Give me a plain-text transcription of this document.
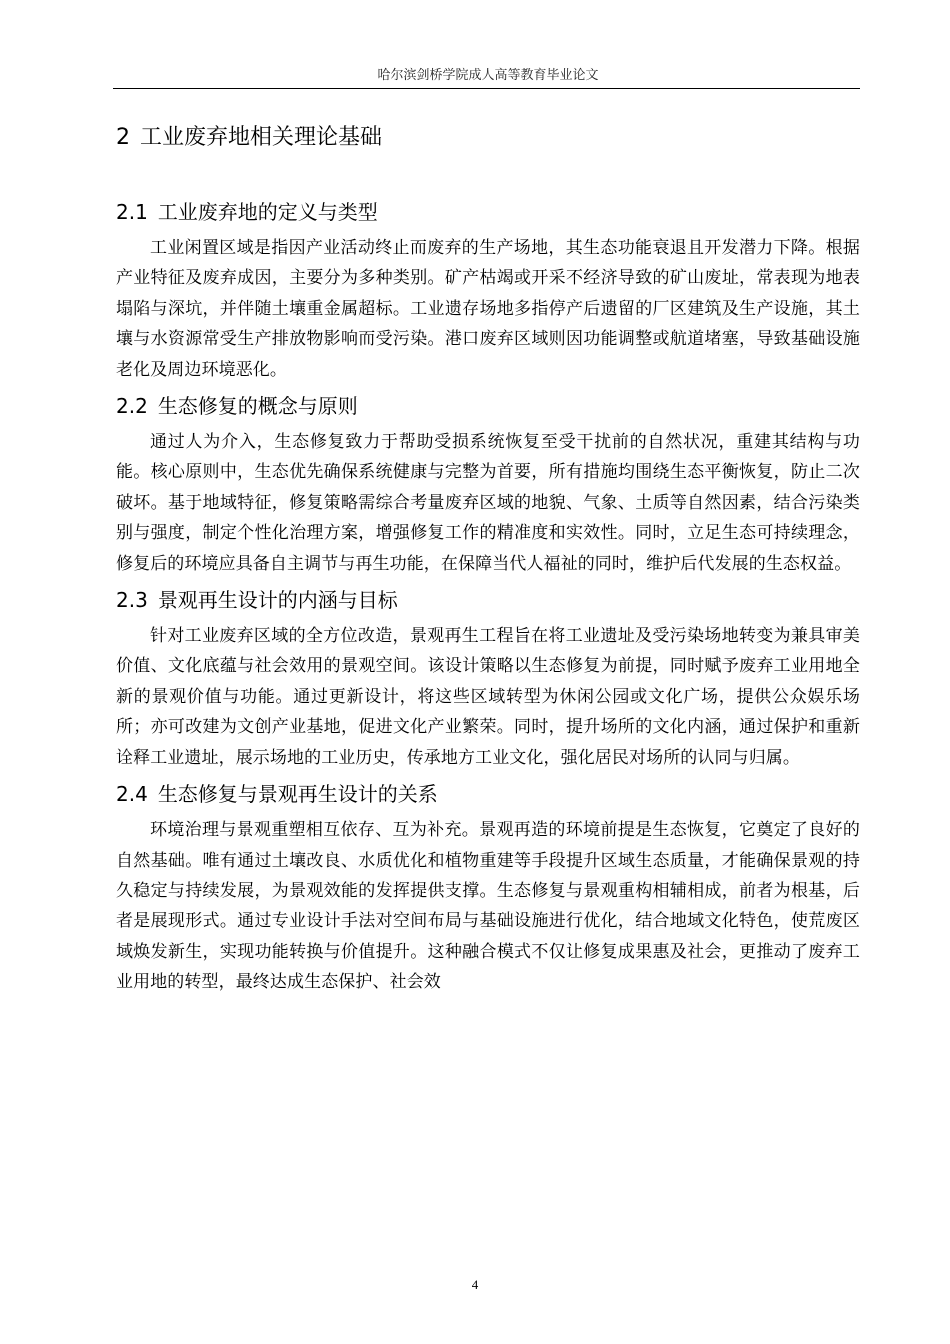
哈尔滨剑桥学院成人高等教育毕业论文
2 工业废弃地相关理论基础
2.1 工业废弃地的定义与类型

工业闲置区域是指因产业活动终止而废弃的生产场地，其生态功能衰退且开发潜力下降。根据产业特征及废弃成因，主要分为多种类别。矿产枯竭或开采不经济导致的矿山废址，常表现为地表塌陷与深坑，并伴随土壤重金属超标。工业遗存场地多指停产后遗留的厂区建筑及生产设施，其土壤与水资源常受生产排放物影响而受污染。港口废弃区域则因功能调整或航道堵塞，导致基础设施老化及周边环境恶化。

2.2 生态修复的概念与原则

通过人为介入，生态修复致力于帮助受损系统恢复至受干扰前的自然状况，重建其结构与功能。核心原则中，生态优先确保系统健康与完整为首要，所有措施均围绕生态平衡恢复，防止二次破坏。基于地域特征，修复策略需综合考量废弃区域的地貌、气象、土质等自然因素，结合污染类别与强度，制定个性化治理方案，增强修复工作的精准度和实效性。同时，立足生态可持续理念，修复后的环境应具备自主调节与再生功能，在保障当代人福祉的同时，维护后代发展的生态权益。

2.3 景观再生设计的内涵与目标

针对工业废弃区域的全方位改造，景观再生工程旨在将工业遗址及受污染场地转变为兼具审美价值、文化底蕴与社会效用的景观空间。该设计策略以生态修复为前提，同时赋予废弃工业用地全新的景观价值与功能。通过更新设计，将这些区域转型为休闲公园或文化广场，提供公众娱乐场所；亦可改建为文创产业基地，促进文化产业繁荣。同时，提升场所的文化内涵，通过保护和重新诠释工业遗址，展示场地的工业历史，传承地方工业文化，强化居民对场所的认同与归属。

2.4 生态修复与景观再生设计的关系

环境治理与景观重塑相互依存、互为补充。景观再造的环境前提是生态恢复，它奠定了良好的自然基础。唯有通过土壤改良、水质优化和植物重建等手段提升区域生态质量，才能确保景观的持久稳定与持续发展，为景观效能的发挥提供支撑。生态修复与景观重构相辅相成，前者为根基，后者是展现形式。通过专业设计手法对空间布局与基础设施进行优化，结合地域文化特色，使荒废区域焕发新生，实现功能转换与价值提升。这种融合模式不仅让修复成果惠及社会，更推动了废弃工业用地的转型，最终达成生态保护、社会效

4
